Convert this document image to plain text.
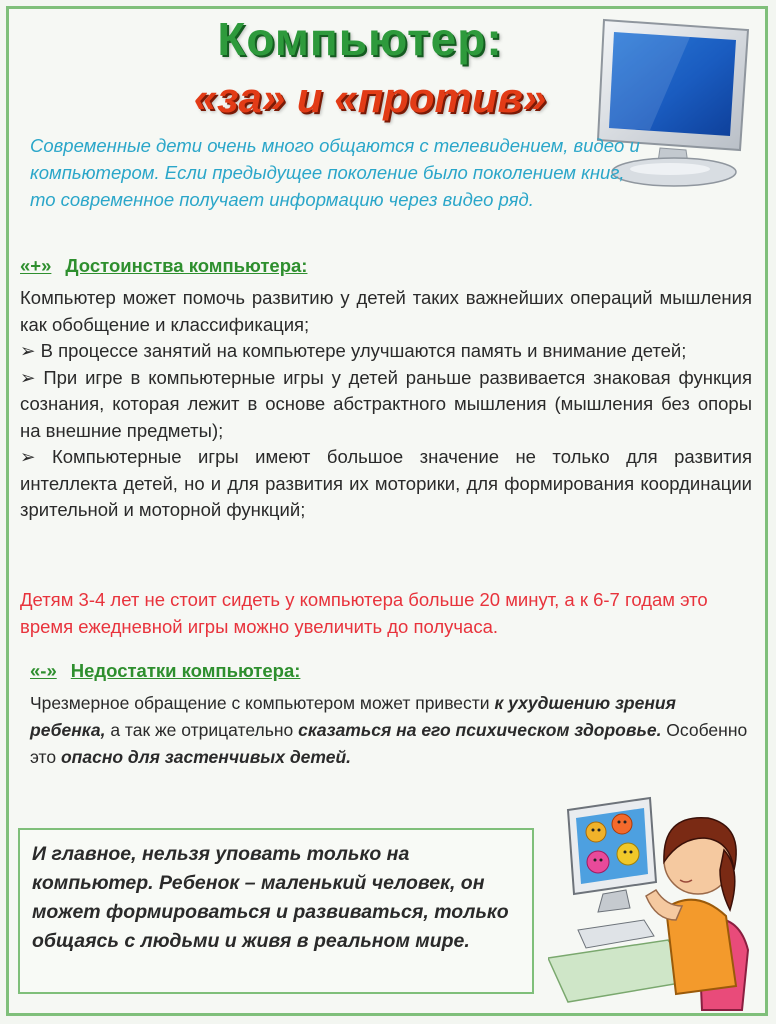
Компьютер:
«за» и «против»
Современные дети очень много общаются с телевидением, видео и компьютером. Если предыдущее поколение было поколением книг, то современное получает информацию через видео ряд.
«+» Достоинства компьютера:

Компьютер может помочь развитию у детей таких важнейших операций мышления как обобщение и классификация;

➢ В процессе занятий на компьютере улучшаются память и внимание детей;

➢ При игре в компьютерные игры у детей раньше развивается знаковая функция сознания, которая лежит в основе абстрактного мышления (мышления без опоры на внешние предметы);

➢ Компьютерные игры имеют большое значение не только для развития интеллекта детей, но и для развития их моторики, для формирования координации зрительной и моторной функций;

Детям 3-4 лет не стоит сидеть у компьютера больше 20 минут, а к 6-7 годам это время ежедневной игры можно увеличить до получаса.
«-» Недостатки компьютера:
Чрезмерное обращение с компьютером может привести к ухудшению зрения ребенка, а так же отрицательно сказаться на его психическом здоровье. Особенно это опасно для застенчивых детей.
И главное, нельзя уповать только на компьютер. Ребенок – маленький человек, он может формироваться и развиваться, только общаясь с людьми и живя в реальном мире.
